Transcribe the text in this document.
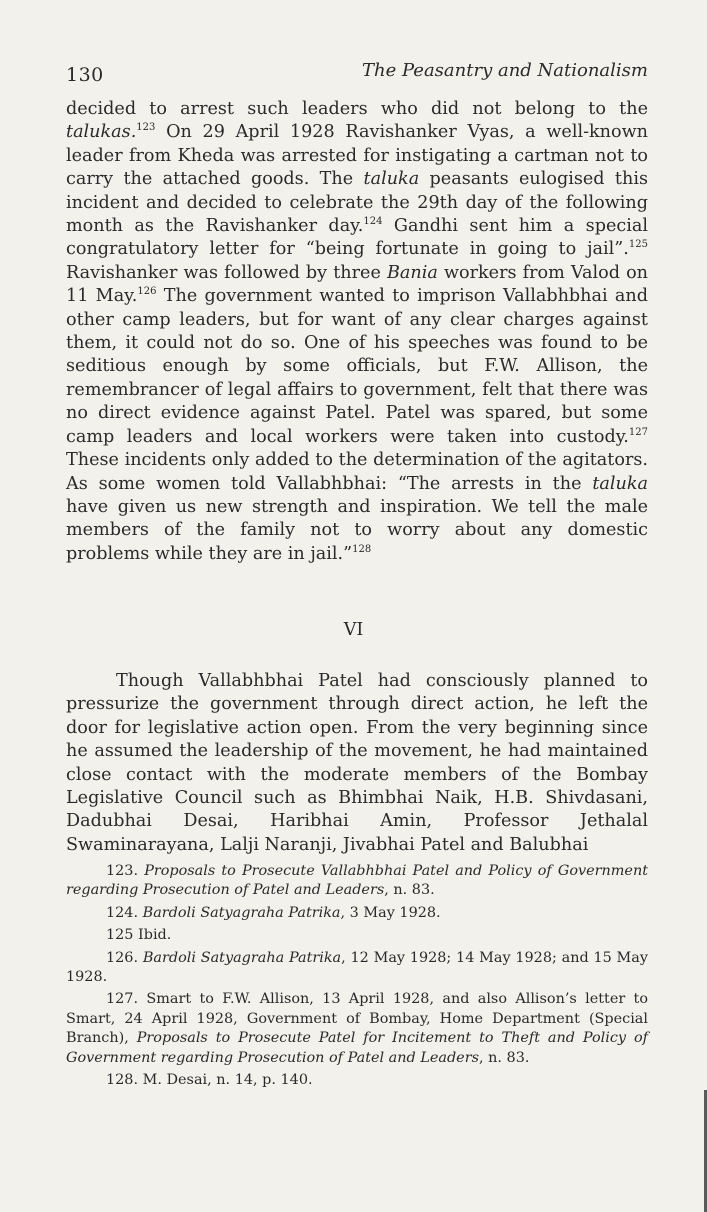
130	The Peasantry and Nationalism

decided to arrest such leaders who did not belong to the talukas.$^{123}$ On 29 April 1928 Ravishanker Vyas, a well-known leader from Kheda was arrested for instigating a cartman not to carry the attached goods. The taluka peasants eulogised this incident and decided to celebrate the 29th day of the following month as the Ravishanker day.$^{124}$ Gandhi sent him a special congratulatory letter for “being fortunate in going to jail”.$^{125}$ Ravishanker was followed by three Bania workers from Valod on 11 May.$^{126}$ The government wanted to imprison Vallabhbhai and other camp leaders, but for want of any clear charges against them, it could not do so. One of his speeches was found to be seditious enough by some officials, but F.W. Allison, the remembrancer of legal affairs to government, felt that there was no direct evidence against Patel. Patel was spared, but some camp leaders and local workers were taken into custody.$^{127}$ These incidents only added to the determination of the agitators. As some women told Vallabhbhai: “The arrests in the taluka have given us new strength and inspiration. We tell the male members of the family not to worry about any domestic problems while they are in jail.”$^{128}$

VI

Though Vallabhbhai Patel had consciously planned to pressurize the government through direct action, he left the door for legislative action open. From the very beginning since he assumed the leadership of the movement, he had maintained close contact with the moderate members of the Bombay Legislative Council such as Bhimbhai Naik, H.B. Shivdasani, Dadubhai Desai, Haribhai Amin, Professor Jethalal Swaminarayana, Lalji Naranji, Jivabhai Patel and Balubhai

123. Proposals to Prosecute Vallabhbhai Patel and Policy of Government regarding Prosecution of Patel and Leaders, n. 83.

124. Bardoli Satyagraha Patrika, 3 May 1928.

125 Ibid.

126. Bardoli Satyagraha Patrika, 12 May 1928; 14 May 1928; and 15 May 1928.

127. Smart to F.W. Allison, 13 April 1928, and also Allison’s letter to Smart, 24 April 1928, Government of Bombay, Home Department (Special Branch), Proposals to Prosecute Patel for Incitement to Theft and Policy of Government regarding Prosecution of Patel and Leaders, n. 83.

128. M. Desai, n. 14, p. 140.
